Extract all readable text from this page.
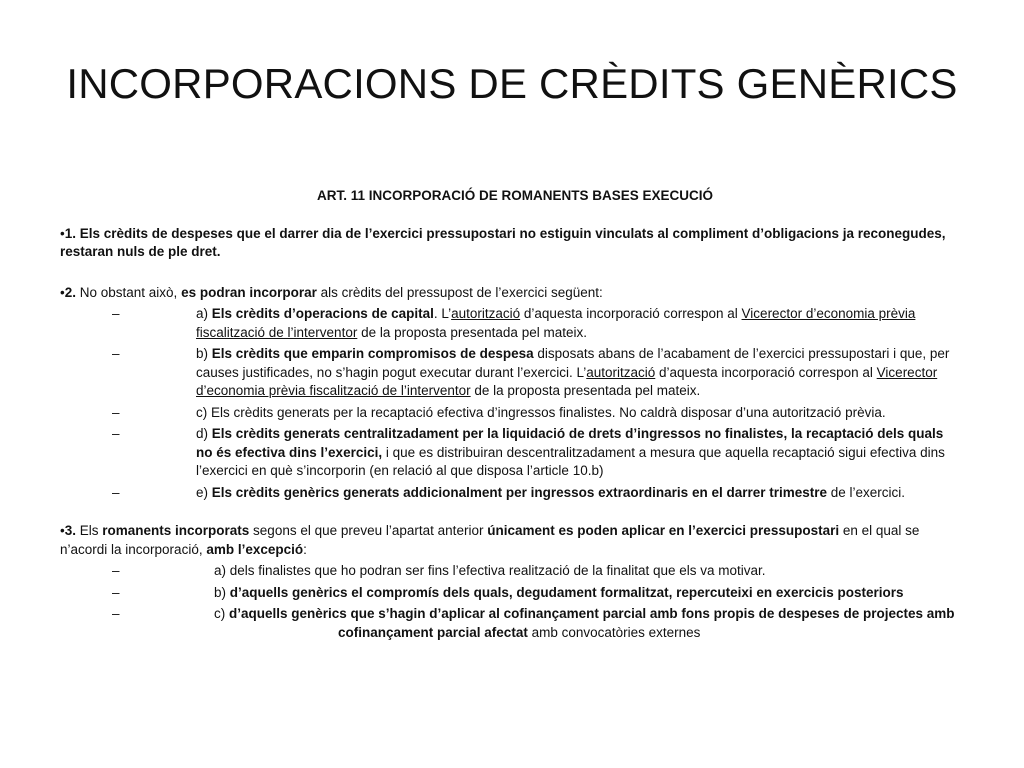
INCORPORACIONS DE CRÈDITS GENÈRICS
ART. 11 INCORPORACIÓ DE ROMANENTS BASES EXECUCIÓ
•1. Els crèdits de despeses que el darrer dia de l’exercici pressupostari no estiguin vinculats al compliment d’obligacions ja reconegudes, restaran nuls de ple dret.
•2. No obstant això, es podran incorporar als crèdits del pressupost de l’exercici següent:
–	a) Els crèdits d’operacions de capital. L’autorització d’aquesta incorporació correspon al Vicerector d’economia prèvia fiscalització de l’interventor de la proposta presentada pel mateix.
–	b) Els crèdits que emparin compromisos de despesa disposats abans de l’acabament de l’exercici pressupostari i que, per causes justificades, no s’hagin pogut executar durant l’exercici. L’autorització d’aquesta incorporació correspon al Vicerector d’economia prèvia fiscalització de l’interventor de la proposta presentada pel mateix.
–	c) Els crèdits generats per la recaptació efectiva d’ingressos finalistes. No caldrà disposar d’una autorització prèvia.
–	d) Els crèdits generats centralitzadament per la liquidació de drets d’ingressos no finalistes, la recaptació dels quals no és efectiva dins l’exercici, i que es distribuiran descentralitzadament a mesura que aquella recaptació sigui efectiva dins l’exercici en què s’incorporin (en relació al que disposa l’article 10.b)
–	e) Els crèdits genèrics generats addicionalment per ingressos extraordinaris en el darrer trimestre de l’exercici.
•3. Els romanents incorporats segons el que preveu l’apartat anterior únicament es poden aplicar en l’exercici pressupostari en el qual se n’acordi la incorporació, amb l’excepció:
–	a) dels finalistes que ho podran ser fins l’efectiva realització de la finalitat que els va motivar.
–	b) d’aquells genèrics el compromís dels quals, degudament formalitzat, repercuteixi en exercicis posteriors
–	c) d’aquells genèrics que s’hagin d’aplicar al cofinançament parcial amb fons propis de despeses de projectes amb
cofinançament parcial afectat amb convocatòries externes
